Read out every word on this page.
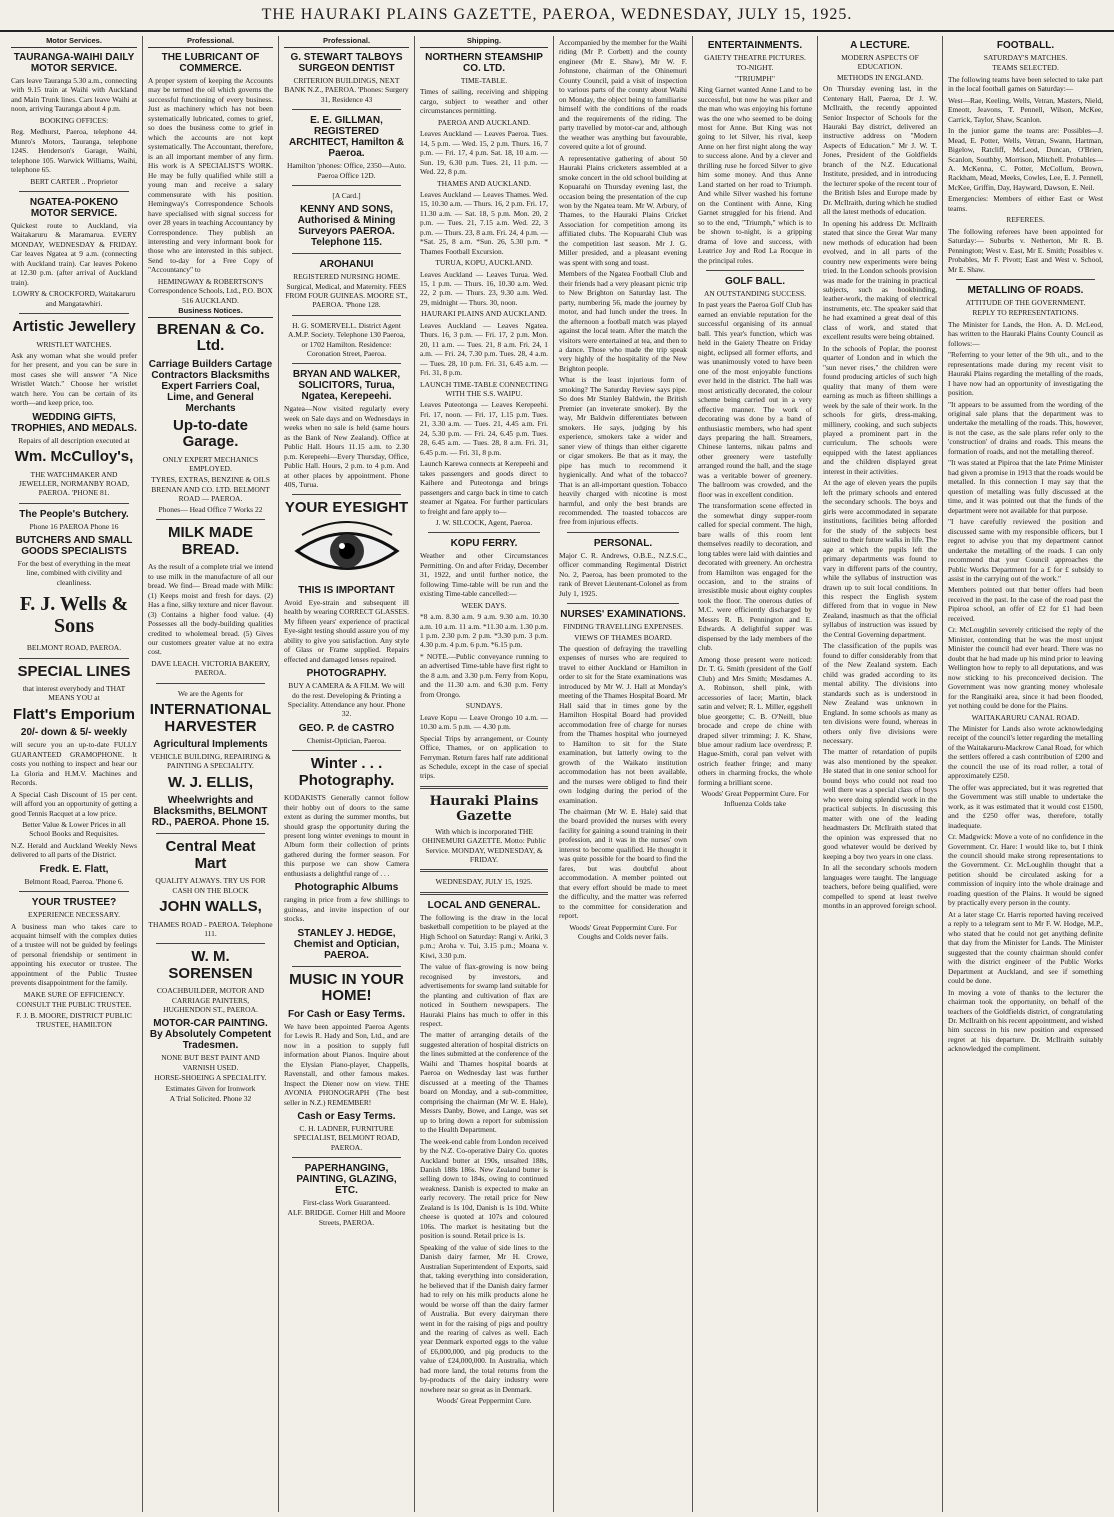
THE HAURAKI PLAINS GAZETTE, PAEROA, WEDNESDAY, JULY 15, 1925.
Motor Services.
TAURANGA-WAIHI DAILY MOTOR SERVICE.

Cars leave Tauranga 5.30 a.m., connecting with 9.15 train at Waihi with Auckland and Main Trunk lines. Cars leave Waihi at noon, arriving Tauranga about 4 p.m.

BOOKING OFFICES:

Reg. Medhurst, Paeroa, telephone 44. Munro's Motors, Tauranga, telephone 124S. Henderson's Garage, Waihi, telephone 105. Warwick Williams, Waihi, telephone 65.

BERT CARTER .. Proprietor
NGATEA-POKENO MOTOR SERVICE.

Quickest route to Auckland, via Waitakaruru & Maramarua. EVERY MONDAY, WEDNESDAY & FRIDAY. Car leaves Ngatea at 9 a.m. (connecting with Auckland train). Car leaves Pokeno at 12.30 p.m. (after arrival of Auckland train).

LOWRY & CROCKFORD, Waitakaruru and Mangatawhiri.
Artistic Jewellery
WRISTLET WATCHES.

Ask any woman what she would prefer for her present, and you can be sure in most cases she will answer "A Nice Wristlet Watch." Choose her wristlet watch here. You can be certain of its worth—and keep price, too.

WEDDING GIFTS, TROPHIES, AND MEDALS.
Repairs of all description executed at
Wm. McCulloy's,
THE WATCHMAKER AND JEWELLER, NORMANBY ROAD, PAEROA. 'PHONE 81.
The People's Butchery.
Phone 16 PAEROA Phone 16
BUTCHERS AND SMALL GOODS SPECIALISTS
For the best of everything in the meat line, combined with civility and cleanliness.
F. J. Wells & Sons
BELMONT ROAD, PAEROA.
SPECIAL LINES
that interest everybody and THAT MEANS YOU at
Flatt's Emporium
20/- down & 5/- weekly

will secure you an up-to-date FULLY GUARANTEED GRAMOPHONE. It costs you nothing to inspect and hear our La Gloria and H.M.V. Machines and Records.

A Special Cash Discount of 15 per cent. will afford you an opportunity of getting a good Tennis Racquet at a low price.

Better Value & Lower Prices in all School Books and Requisites.

N.Z. Herald and Auckland Weekly News delivered to all parts of the District.

Fredk. E. Flatt,
Belmont Road, Paeroa. 'Phone 6.
YOUR TRUSTEE?
EXPERIENCE NECESSARY.

A business man who takes care to acquaint himself with the complex duties of a trustee will not be guided by feelings of personal friendship or sentiment in appointing his executor or trustee. The appointment of the Public Trustee prevents disappointment for the family.

MAKE SURE OF EFFICIENCY.
CONSULT THE PUBLIC TRUSTEE.
F. J. B. MOORE, DISTRICT PUBLIC TRUSTEE, HAMILTON
Professional.
THE LUBRICANT OF COMMERCE.

A proper system of keeping the Accounts may be termed the oil which governs the successful functioning of every business. Just as machinery which has not been systematically lubricated, comes to grief, so does the business come to grief in which the accounts are not kept systematically. The Accountant, therefore, is an all important member of any firm. His work is A SPECIALIST'S WORK. He may be fully qualified while still a young man and receive a salary commensurate with his position. Hemingway's Correspondence Schools have specialised with signal success for over 28 years in teaching Accountancy by Correspondence. They publish an interesting and very informant book for those who are interested in this subject. Send to-day for a Free Copy of "Accountancy" to

HEMINGWAY & ROBERTSON'S Correspondence Schools, Ltd., P.O. BOX 516 AUCKLAND.
Business Notices.
BRENAN & Co. Ltd.
Carriage Builders Cartage Contractors Blacksmiths Expert Farriers Coal, Lime, and General Merchants
Up-to-date Garage.
ONLY EXPERT MECHANICS EMPLOYED.
TYRES, EXTRAS, BENZINE & OILS
BRENAN AND CO. LTD. BELMONT ROAD — PAEROA.
Phones— Head Office 7 Works 22
MILK MADE BREAD.

As the result of a complete trial we intend to use milk in the manufacture of all our bread. We find— Bread made with Milk: (1) Keeps moist and fresh for days. (2) Has a fine, silky texture and nicer flavour. (3) Contains a higher food value. (4) Possesses all the body-building qualities credited to wholemeal bread. (5) Gives our customers greater value at no extra cost.

DAVE LEACH. VICTORIA BAKERY, PAEROA.
We are the Agents for
INTERNATIONAL HARVESTER
Agricultural Implements
VEHICLE BUILDING, REPAIRING & PAINTING A SPECIALITY.
W. J. ELLIS,
Wheelwrights and Blacksmiths, BELMONT RD., PAEROA. Phone 15.
Central Meat Mart
QUALITY ALWAYS. TRY US FOR CASH ON THE BLOCK
JOHN WALLS,
THAMES ROAD - PAEROA. Telephone 111.
W. M. SORENSEN
COACHBUILDER, MOTOR AND CARRIAGE PAINTERS, HUGHENDON ST., PAEROA.
MOTOR-CAR PAINTING. By Absolutely Competent Tradesmen.
NONE BUT BEST PAINT AND VARNISH USED.
HORSE-SHOEING A SPECIALITY.
Estimates Given for Ironwork
A Trial Solicited. Phone 32
Professional.
G. STEWART TALBOYS SURGEON DENTIST
CRITERION BUILDINGS, NEXT BANK N.Z., PAEROA. 'Phones: Surgery 31, Residence 43
E. E. GILLMAN, REGISTERED ARCHITECT, Hamilton & Paeroa.
Hamilton 'phones: Office, 2350—Auto. Paeroa Office 12D.
[A Card.]
KENNY AND SONS, Authorised & Mining Surveyors PAEROA. Telephone 115.
AROHANUI
REGISTERED NURSING HOME. Surgical, Medical, and Maternity. FEES FROM FOUR GUINEAS. MOORE ST., PAEROA. 'Phone 128.
H. G. SOMERVELL. District Agent A.M.P. Society. Telephone 130 Paeroa, or 1702 Hamilton. Residence: Coronation Street, Paeroa.
BRYAN AND WALKER, SOLICITORS, Turua, Ngatea, Kerepeehi.

Ngatea—Now visited regularly every week on Sale days and on Wednesdays in weeks when no sale is held (same hours as the Bank of New Zealand). Office at Public Hall. Hours 11.15 a.m. to 2.30 p.m. Kerepeehi—Every Thursday, Office, Public Hall. Hours, 2 p.m. to 4 p.m. And at other places by appointment. Phone 40S, Turua.

YOUR EYESIGHT
THIS IS IMPORTANT

Avoid Eye-strain and subsequent ill health by wearing CORRECT GLASSES. My fifteen years' experience of practical Eye-sight testing should assure you of my ability to give you satisfaction. Any style of Glass or Frame supplied. Repairs effected and damaged lenses repaired.

PHOTOGRAPHY.
BUY A CAMERA & A FILM. We will do the rest. Developing & Printing a Speciality. Attendance any hour. Phone 32.
GEO. P. de CASTRO
Chemist-Optician, Paeroa.
Winter . . . Photography.

KODAKISTS Generally cannot follow their hobby out of doors to the same extent as during the summer months, but should grasp the opportunity during the present long winter evenings to mount in Album form their collection of prints gathered during the former season. For this purpose we can show Camera enthusiasts a delightful range of . . .

Photographic Albums

ranging in price from a few shillings to guineas, and invite inspection of our stocks.

STANLEY J. HEDGE, Chemist and Optician, PAEROA.
MUSIC IN YOUR HOME!
For Cash or Easy Terms.

We have been appointed Paeroa Agents for Lewis R. Hady and Son, Ltd., and are now in a position to supply full information about Pianos. Inquire about the Elysian Piano-player, Chappells, Ravenstall, and other famous makes. Inspect the Diener now on view. THE AVONIA PHONOGRAPH (The best seller in N.Z.) REMEMBER!

Cash or Easy Terms.
C. H. LADNER, FURNITURE SPECIALIST, BELMONT ROAD, PAEROA.
PAPERHANGING, PAINTING, GLAZING, ETC.
First-class Work Guaranteed.
ALF. BRIDGE. Corner Hill and Moore Streets, PAEROA.
Shipping.
NORTHERN STEAMSHIP CO. LTD.
TIME-TABLE.

Times of sailing, receiving and shipping cargo, subject to weather and other circumstances permitting.

PAEROA AND AUCKLAND.

Leaves Auckland — Leaves Paeroa. Tues. 14, 5 p.m. — Wed. 15, 2 p.m. Thurs. 16, 7 p.m. — Fri. 17, 4 p.m. Sat. 18, 10 a.m. — Sun. 19, 6.30 p.m. Tues. 21, 11 p.m. — Wed. 22, 8 p.m.

THAMES AND AUCKLAND.

Leaves Auckland — Leaves Thames. Wed. 15, 10.30 a.m. — Thurs. 16, 2 p.m. Fri. 17, 11.30 a.m. — Sat. 18, 5 p.m. Mon. 20, 2 p.m. — Tues. 21, 7.15 a.m. Wed. 22, 3 p.m. — Thurs. 23, 8 a.m. Fri. 24, 4 p.m. — *Sat. 25, 8 a.m. *Sun. 26, 5.30 p.m. * Thames Football Excursion.

TURUA, KOPU, AUCKLAND.

Leaves Auckland — Leaves Turua. Wed. 15, 1 p.m. — Thurs. 16, 10.30 a.m. Wed. 22, 2 p.m. — Thurs. 23, 9.30 a.m. Wed. 29, midnight — Thurs. 30, noon.

HAURAKI PLAINS AND AUCKLAND.

Leaves Auckland — Leaves Ngatea. Thurs. 16, 3 p.m. — Fri. 17, 2 p.m. Mon. 20, 11 a.m. — Tues. 21, 8 a.m. Fri. 24, 1 a.m. — Fri. 24, 7.30 p.m. Tues. 28, 4 a.m. — Tues. 28, 10 p.m. Fri. 31, 6.45 a.m. — Fri. 31, 8 p.m.

LAUNCH TIME-TABLE CONNECTING WITH THE S.S. WAIPU.

Leaves Puteotonga — Leaves Kerepeehi. Fri. 17, noon. — Fri. 17, 1.15 p.m. Tues. 21, 3.30 a.m. — Tues. 21, 4.45 a.m. Fri. 24, 5.30 p.m. — Fri. 24, 6.45 p.m. Tues. 28, 6.45 a.m. — Tues. 28, 8 a.m. Fri. 31, 6.45 p.m. — Fri. 31, 8 p.m.

Launch Karewa connects at Kerepeehi and takes passengers and goods direct to Kaihere and Puteotonga and brings passengers and cargo back in time to catch steamer at Ngatea. For further particulars to freight and fare apply to—

J. W. SILCOCK, Agent, Paeroa.
KOPU FERRY.

Weather and other Circumstances Permitting. On and after Friday, December 31, 1922, and until further notice, the following Time-table will be run and the existing Time-table cancelled:—

WEEK DAYS.

*8 a.m. 8.30 a.m. 9 a.m. 9.30 a.m. 10.30 a.m. 10 a.m. 11 a.m. *11.30 a.m. 1.30 p.m. 1 p.m. 2.30 p.m. 2 p.m. *3.30 p.m. 3 p.m. 4.30 p.m. 4 p.m. 6 p.m. *6.15 p.m.

* NOTE.—Public conveyance running to an advertised Time-table have first right to the 8 a.m. and 3.30 p.m. Ferry from Kopu, and the 11.30 a.m. and 6.30 p.m. Ferry from Orongo.

SUNDAYS.

Leave Kopu — Leave Orongo 10 a.m. — 10.30 a.m. 5 p.m. — 4.30 p.m.

Special Trips by arrangement, or County Office, Thames, or on application to Ferryman. Return fares half rate additional as Schedule, except in the case of special trips.

Hauraki Plains Gazette
With which is incorporated THE OHINEMURI GAZETTE. Motto: Public Service. MONDAY, WEDNESDAY, & FRIDAY.
WEDNESDAY, JULY 15, 1925.
LOCAL AND GENERAL.

The following is the draw in the local basketball competition to be played at the High School on Saturday: Rangi v. Ariki, 3 p.m.; Aroha v. Tui, 3.15 p.m.; Moana v. Kiwi, 3.30 p.m.

The value of flax-growing is now being recognised by investors, and advertisements for swamp land suitable for the planting and cultivation of flax are noticed in Southern newspapers. The Hauraki Plains has much to offer in this respect.

The matter of arranging details of the suggested alteration of hospital districts on the lines submitted at the conference of the Waihi and Thames hospital boards at Paeroa on Wednesday last was further discussed at a meeting of the Thames board on Monday, and a sub-committee, comprising the chairman (Mr W. E. Hale), Messrs Danby, Bowe, and Lange, was set up to bring down a report for submission to the Health Department.

The week-end cable from London received by the N.Z. Co-operative Dairy Co. quotes Auckland butter at 190s, unsalted 188s, Danish 188s 186s. New Zealand butter is selling down to 184s, owing to continued weakness. Danish is expected to make an early recovery. The retail price for New Zealand is 1s 10d, Danish is 1s 10d. White cheese is quoted at 107s and coloured 106s. The market is hesitating but the position is sound. Retail price is 1s.

Speaking of the value of side lines to the Danish dairy farmer, Mr H. Crowe, Australian Superintendent of Exports, said that, taking everything into consideration, he believed that if the Danish dairy farmer had to rely on his milk products alone he would be worse off than the dairy farmer of Australia. But every dairyman there went in for the raising of pigs and poultry and the rearing of calves as well. Each year Denmark exported eggs to the value of £6,000,000, and pig products to the value of £24,000,000. In Australia, which had more land, the total returns from the by-products of the dairy industry were nowhere near so great as in Denmark.

Woods' Great Peppermint Cure.

Accompanied by the member for the Waihi riding (Mr P. Corbett) and the county engineer (Mr E. Shaw), Mr W. F. Johnstone, chairman of the Ohinemuri County Council, paid a visit of inspection to various parts of the county about Waihi on Monday, the object being to familiarise himself with the conditions of the roads and the requirements of the riding. The party travelled by motor-car and, although the weather was anything but favourable, covered quite a lot of ground.

A representative gathering of about 50 Hauraki Plains cricketers assembled at a smoke concert in the old school building at Kopuarahi on Thursday evening last, the occasion being the presentation of the cup won by the Ngatea team. Mr W. Arbury, of Thames, to the Hauraki Plains Cricket Association for competition among its affiliated clubs. The Kopuarahi Club was the competition last season. Mr J. G. Miller presided, and a pleasant evening was spent with song and toast.

Members of the Ngatea Football Club and their friends had a very pleasant picnic trip to New Brighton on Saturday last. The party, numbering 56, made the journey by motor, and had lunch under the trees. In the afternoon a football match was played against the local team. After the match the visitors were entertained at tea, and then to a dance. Those who made the trip speak very highly of the hospitality of the New Brighton people.

What is the least injurious form of smoking? The Saturday Review says pipe. So does Mr Stanley Baldwin, the British Premier (an inveterate smoker). By the way, Mr Baldwin differentiates between smokers. He says, judging by his experience, smokers take a wider and saner view of things than either cigarette or cigar smokers. Be that as it may, the pipe has much to recommend it hygienically. And what of the tobacco? That is an all-important question. Tobacco heavily charged with nicotine is most harmful, and only the best brands are recommended. The toasted tobaccos are free from injurious effects.

PERSONAL.

Major C. R. Andrews, O.B.E., N.Z.S.C., officer commanding Regimental District No. 2, Paeroa, has been promoted to the rank of Brevet Lieutenant-Colonel as from July 1, 1925.

NURSES' EXAMINATIONS.
FINDING TRAVELLING EXPENSES.
VIEWS OF THAMES BOARD.

The question of defraying the travelling expenses of nurses who are required to travel to either Auckland or Hamilton in order to sit for the State examinations was introduced by Mr W. J. Hall at Monday's meeting of the Thames Hospital Board. Mr Hall said that in times gone by the Hamilton Hospital Board had provided accommodation free of charge for nurses from the Thames hospital who journeyed to Hamilton to sit for the State examination, but latterly owing to the growth of the Waikato institution accommodation has not been available, and the nurses were obliged to find their own lodging during the period of the examination.

The chairman (Mr W. E. Hale) said that the board provided the nurses with every facility for gaining a sound training in their profession, and it was in the nurses' own interest to become qualified. He thought it was quite possible for the board to find the fares, but was doubtful about accommodation. A member pointed out that every effort should be made to meet the difficulty, and the matter was referred to the committee for consideration and report.

Woods' Great Peppermint Cure. For Coughs and Colds never fails.
ENTERTAINMENTS.
GAIETY THEATRE PICTURES.
TO-NIGHT.
"TRIUMPH"

King Garnet wanted Anne Land to be successful, but now he was piker and the man who was enjoying his fortune was the one who seemed to be doing most for Anne. But King was not going to let Silver, his rival, keep Anne on her first night along the way to success alone. And by a clever and thrilling ruse he forced Silver to give him some money. And thus Anne Land started on her road to Triumph. And while Silver washed his fortune on the Continent with Anne, King Garnet struggled for his friend. And so to the end, "Triumph," which is to be shown to-night, is a gripping drama of love and success, with Leatrice Joy and Rod La Rocque in the principal roles.

GOLF BALL.
AN OUTSTANDING SUCCESS.

In past years the Paeroa Golf Club has earned an enviable reputation for the successful organising of its annual ball. This year's function, which was held in the Gaiety Theatre on Friday night, eclipsed all former efforts, and was unanimously voted to have been one of the most enjoyable functions ever held in the district. The hall was most artistically decorated, the colour scheme being carried out in a very effective manner. The work of decorating was done by a band of enthusiastic members, who had spent days preparing the hall. Streamers, Chinese lanterns, nikau palms and other greenery were tastefully arranged round the hall, and the stage was a veritable bower of greenery. The ballroom was crowded, and the floor was in excellent condition.

The transformation scene effected in the somewhat dingy supper-room called for special comment. The high, bare walls of this room lent themselves readily to decoration, and long tables were laid with dainties and decorated with greenery. An orchestra from Hamilton was engaged for the occasion, and to the strains of irresistible music about eighty couples took the floor. The onerous duties of M.C. were efficiently discharged by Messrs R. B. Pennington and E. Edwards. A delightful supper was dispensed by the lady members of the club.

Among those present were noticed: Dr. T. G. Smith (president of the Golf Club) and Mrs Smith; Mesdames A. A. Robinson, shell pink, with accessories of lace; Martin, black satin and velvet; R. L. Miller, eggshell blue georgette; C. B. O'Neill, blue brocade and crepe de chine with draped silver trimming; J. K. Shaw, blue amour radium lace overdress; P. Hague-Smith, coral pan velvet with ostrich feather fringe; and many others in charming frocks, the whole forming a brilliant scene.

Woods' Great Peppermint Cure. For Influenza Colds take
A LECTURE.
MODERN ASPECTS OF EDUCATION.
METHODS IN ENGLAND.

On Thursday evening last, in the Centenary Hall, Paeroa, Dr J. W. McIlraith, the recently appointed Senior Inspector of Schools for the Hauraki Bay district, delivered an instructive address on "Modern Aspects of Education." Mr J. W. T. Jones, President of the Goldfields branch of the N.Z. Educational Institute, presided, and in introducing the lecturer spoke of the recent tour of the British Isles and Europe made by Dr. McIlraith, during which he studied all the latest methods of education.

In opening his address Dr. McIlraith stated that since the Great War many new methods of education had been evolved, and in all parts of the country new experiments were being tried. In the London schools provision was made for the training in practical subjects, such as bookbinding, leather-work, the making of electrical instruments, etc. The speaker said that he had examined a great deal of this class of work, and stated that excellent results were being obtained.

In the schools of Poplar, the poorest quarter of London and in which the "sun never rises," the children were found producing articles of such high quality that many of them were earning as much as fifteen shillings a week by the sale of their work. In the schools for girls, dress-making, millinery, cooking, and such subjects played a prominent part in the curriculum. The schools were equipped with the latest appliances and the children displayed great interest in their activities.

At the age of eleven years the pupils left the primary schools and entered the secondary schools. The boys and girls were accommodated in separate institutions, facilities being afforded for the study of the subjects best suited to their future walks in life. The age at which the pupils left the primary departments was found to vary in different parts of the country, while the syllabus of instruction was drawn up to suit local conditions. In this respect the English system differed from that in vogue in New Zealand, inasmuch as that the official syllabus of instruction was issued by the Central Governing department.

The classification of the pupils was found to differ considerably from that of the New Zealand system. Each child was graded according to its mental ability. The divisions into standards such as is understood in New Zealand was unknown in England. In some schools as many as ten divisions were found, whereas in others only five divisions were necessary.

The matter of retardation of pupils was also mentioned by the speaker. He stated that in one senior school for bound boys who could not read too well there was a special class of boys who were doing splendid work in the practical subjects. In discussing this matter with one of the leading headmasters Dr. McIlraith stated that the opinion was expressed that no good whatever would be derived by keeping a boy two years in one class.

In all the secondary schools modern languages were taught. The language teachers, before being qualified, were compelled to spend at least twelve months in an approved foreign school.

FOOTBALL.
SATURDAY'S MATCHES.
TEAMS SELECTED.

The following teams have been selected to take part in the local football games on Saturday:—

West—Rae, Keeling, Wells, Vetran, Masters, Nield, Emeott, Jeavons, T. Pennell, Wilson, McKee, Carrick, Taylor, Shaw, Scanlon.

In the junior game the teams are: Possibles—J. Mead, E. Potter, Wells, Vetran, Swann, Hartman, Bigelow, Ratcliff, McLeod, Duncan, O'Brien, Scanlon, Southby, Morrison, Mitchell. Probables—A. McKenna, C. Potter, McCollum, Brown, Rackham, Mead, Meeks, Cowles, Lee, E. J. Pennell, McKee, Griffin, Day, Hayward, Dawson, E. Neil.

Emergencies: Members of either East or West teams.

REFEREES.

The following referees have been appointed for Saturday:— Suburbs v. Netherton, Mr R. B. Pennington; West v. East, Mr E. Smith; Possibles v. Probables, Mr F. Pivott; East and West v. School, Mr E. Shaw.

METALLING OF ROADS.
ATTITUDE OF THE GOVERNMENT.
REPLY TO REPRESENTATIONS.

The Minister for Lands, the Hon. A. D. McLeod, has written to the Hauraki Plains County Council as follows:—

"Referring to your letter of the 9th ult., and to the representations made during my recent visit to Hauraki Plains regarding the metalling of the roads, I have now had an opportunity of investigating the position.

"It appears to be assumed from the wording of the original sale plans that the department was to undertake the metalling of the roads. This, however, is not the case, as the sale plans refer only to the 'construction' of drains and roads. This means the formation of roads, and not the metalling thereof.

"It was stated at Pipiroa that the late Prime Minister had given a promise in 1913 that the roads would be metalled. In this connection I may say that the question of metalling was fully discussed at the time, and it was pointed out that the funds of the department were not available for that purpose.

"I have carefully reviewed the position and discussed same with my responsible officers, but I regret to advise you that my department cannot undertake the metalling of the roads. I can only recommend that your Council approaches the Public Works Department for a £ for £ subsidy to assist in the carrying out of the work."

Members pointed out that better offers had been received in the past. In the case of the road past the Pipiroa school, an offer of £2 for £1 had been received.

Cr. McLoughlin severely criticised the reply of the Minister, contending that he was the most unjust Minister the council had ever heard. There was no doubt that he had made up his mind prior to leaving Wellington how to reply to all deputations, and was now sticking to his preconceived decision. The Government was now granting money wholesale for the Rangitaiki area, since it had been flooded, yet nothing could be done for the Plains.

WAITAKARURU CANAL ROAD.

The Minister for Lands also wrote acknowledging receipt of the council's letter regarding the metalling of the Waitakaruru-Mackrow Canal Road, for which the settlers offered a cash contribution of £200 and the council the use of its road roller, a total of approximately £250.

The offer was appreciated, but it was regretted that the Government was still unable to undertake the work, as it was estimated that it would cost £1500, and the £250 offer was, therefore, totally inadequate.

Cr. Madgwick: Move a vote of no confidence in the Government. Cr. Hare: I would like to, but I think the council should make strong representations to the Government. Cr. McLoughlin thought that a petition should be circulated asking for a commission of inquiry into the whole drainage and roading question of the Plains. It would be signed by practically every person in the county.

At a later stage Cr. Harris reported having received a reply to a telegram sent to Mr F. W. Hodge, M.P., who stated that he could not get anything definite that day from the Minister for Lands. The Minister suggested that the county chairman should confer with the district engineer of the Public Works Department at Auckland, and see if something could be done.

In moving a vote of thanks to the lecturer the chairman took the opportunity, on behalf of the teachers of the Goldfields district, of congratulating Dr. McIlraith on his recent appointment, and wished him success in his new position and expressed regret at his departure. Dr. McIlraith suitably acknowledged the compliment.
